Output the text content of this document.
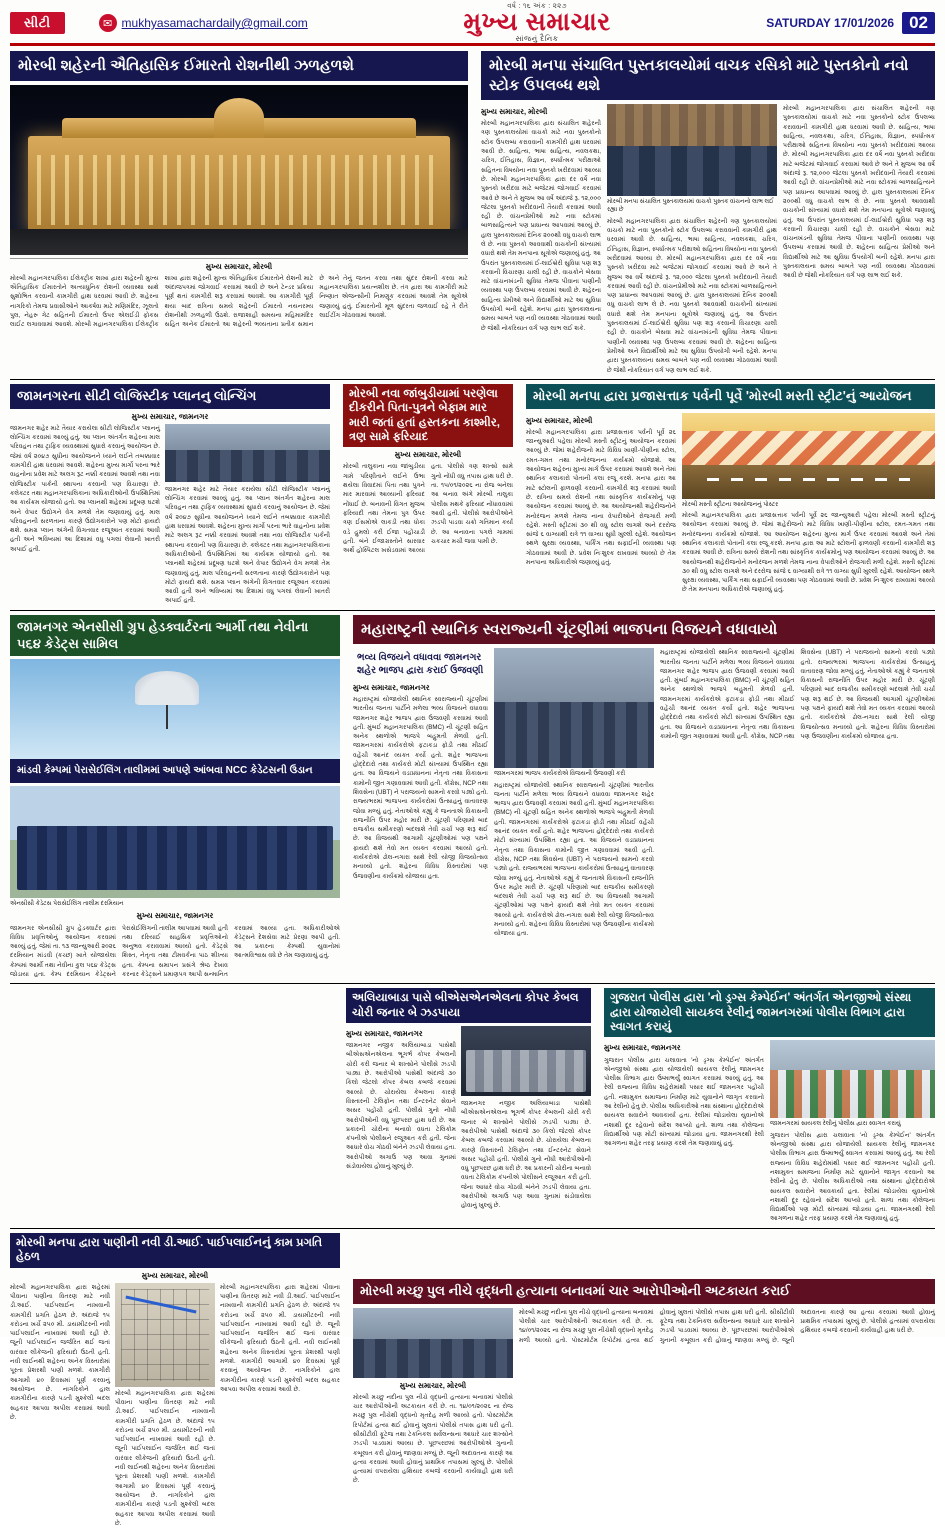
સીટી	✉ mukhyasamachardaily@gmail.com
વર્ષ : ૧૬ અંક : ૨૨૭
મુખ્ય સમાચાર
સાંજનું દૈનિક
SATURDAY 17/01/2026 02
મોરબી શહેરની ઐતિહાસિક ઈમારતો રોશનીથી ઝળહળશે
મુખ્ય સમાચાર, મોરબી
મોરબી મહાનગરપાલિકા ઈલેક્ટ્રીક શાખા દ્વારા શહેરની મુખ્ય ઐતિહાસિક ઈમારતોને અત્યાધુનિક રોશની વ્યવસ્થા સાથે સુશોભિત કરવાની કામગીરી હાથ ધરવામાં આવી છે. શહેરના નાગરિકો તેમજ પ્રવાસીઓને આકર્ષવા માટે મણિમંદિર, ઝૂલતો પુલ, નેહરુ ગેટ સહિતની ઈમારતો ઉપર એલઈડી ફોકસ લાઈટ લગાવવામાં આવશે. મોરબી મહાનગરપાલિકા ઈલેક્ટ્રીક શાખા દ્વારા શહેરની મુખ્ય ઐતિહાસિક ઈમારતોને રોશની માટે અંદાજપત્રમાં જોગવાઈ કરવામાં આવી છે અને ટેન્ડર પ્રક્રિયા પૂર્ણ થતાં કામગીરી શરૂ કરવામાં આવશે. આ કામગીરી પૂર્ણ થયા બાદ રાત્રિના સમયે શહેરની ઈમારતો નયનરમ્ય રોશનીથી ઝળહળી ઉઠશે. રાજાશાહી સમયના મહિમામંદિર સહિત અનેક ઈમારતો આ શહેરની ભવ્યતાના પ્રતીક સમાન છે અને તેનું જતન કરવા તથા સુંદર રોશની કરવા માટે મહાનગરપાલિકા પ્રયત્નશીલ છે. તંત્ર દ્વારા આ કામગીરી માટે નિષ્ણાત એજન્સીની નિમણૂક કરવામાં આવશે તેમ સૂત્રોએ જણાવ્યું હતું. ઈમારતોની મૂળ સુંદરતા જળવાઈ રહે તે રીતે લાઈટીંગ ગોઠવવામાં આવશે.
મોરબી મનપા સંચાલિત પુસ્તકાલયોમાં વાચક રસિકો માટે પુસ્તકોનો નવો સ્ટોક ઉપલબ્ધ થશે
મુખ્ય સમાચાર, મોરબી
મોરબી મહાનગરપાલિકા દ્વારા સંચાલિત શહેરની ત્રણ પુસ્તકાલયોમાં વાચકો માટે નવા પુસ્તકોનો સ્ટોક ઉપલબ્ધ કરાવવાની કામગીરી હાથ ધરવામાં આવી છે. સાહિત્ય, ભાષા સાહિત્ય, નવલકથા, ચરિત્ર, ઈતિહાસ, વિજ્ઞાન, સ્પર્ધાત્મક પરીક્ષાઓ સહિતના વિષયોના નવા પુસ્તકો ખરીદવામાં આવ્યા છે. મોરબી મહાનગરપાલિકા દ્વારા દર વર્ષે નવા પુસ્તકો ખરીદવા માટે બજેટમાં જોગવાઈ કરવામાં આવે છે અને તે મુજબ આ વર્ષે અંદાજે રૂ. ૧૨,૦૦૦ જેટલા પુસ્તકો ખરીદવાની તૈયારી કરવામાં આવી રહી છે. વાંચનપ્રેમીઓ માટે નવા સ્ટોકમાં બાળસાહિત્યને પણ પ્રાધાન્ય આપવામાં આવ્યું છે. હાલ પુસ્તકાલયમાં દૈનિક ૨૦૦થી વધુ વાચકો લાભ લે છે. નવા પુસ્તકો આવવાથી વાચકોની સંખ્યામાં વધારો થશે તેમ મનપાના સૂત્રોએ જણાવ્યું હતું. આ ઉપરાંત પુસ્તકાલયમાં ઈ-લાઈબ્રેરી સુવિધા પણ શરૂ કરવાની વિચારણા ચાલી રહી છે. વાચકોને બેસવા માટે વાંચનખંડની સુવિધા તેમજ પીવાના પાણીની વ્યવસ્થા પણ ઉપલબ્ધ કરવામાં આવી છે. શહેરના સાહિત્ય પ્રેમીઓ અને વિદ્યાર્થીઓ માટે આ સુવિધા ઉપયોગી બની રહેશે. મનપા દ્વારા પુસ્તકાલયના સમય બાબતે પણ નવી વ્યવસ્થા ગોઠવવામાં આવી છે જેથી નોકરિયાત વર્ગ પણ લાભ લઈ શકે.
મોરબી મનપા સંચાલિત પુસ્તકાલયમાં વાચકો પુસ્તક વાંચનનો લાભ લઈ રહ્યા છે
મોરબી મહાનગરપાલિકા દ્વારા સંચાલિત શહેરની ત્રણ પુસ્તકાલયોમાં વાચકો માટે નવા પુસ્તકોનો સ્ટોક ઉપલબ્ધ કરાવવાની કામગીરી હાથ ધરવામાં આવી છે. સાહિત્ય, ભાષા સાહિત્ય, નવલકથા, ચરિત્ર, ઈતિહાસ, વિજ્ઞાન, સ્પર્ધાત્મક પરીક્ષાઓ સહિતના વિષયોના નવા પુસ્તકો ખરીદવામાં આવ્યા છે. મોરબી મહાનગરપાલિકા દ્વારા દર વર્ષે નવા પુસ્તકો ખરીદવા માટે બજેટમાં જોગવાઈ કરવામાં આવે છે અને તે મુજબ આ વર્ષે અંદાજે રૂ. ૧૨,૦૦૦ જેટલા પુસ્તકો ખરીદવાની તૈયારી કરવામાં આવી રહી છે. વાંચનપ્રેમીઓ માટે નવા સ્ટોકમાં બાળસાહિત્યને પણ પ્રાધાન્ય આપવામાં આવ્યું છે. હાલ પુસ્તકાલયમાં દૈનિક ૨૦૦થી વધુ વાચકો લાભ લે છે. નવા પુસ્તકો આવવાથી વાચકોની સંખ્યામાં વધારો થશે તેમ મનપાના સૂત્રોએ જણાવ્યું હતું. આ ઉપરાંત પુસ્તકાલયમાં ઈ-લાઈબ્રેરી સુવિધા પણ શરૂ કરવાની વિચારણા ચાલી રહી છે. વાચકોને બેસવા માટે વાંચનખંડની સુવિધા તેમજ પીવાના પાણીની વ્યવસ્થા પણ ઉપલબ્ધ કરવામાં આવી છે. શહેરના સાહિત્ય પ્રેમીઓ અને વિદ્યાર્થીઓ માટે આ સુવિધા ઉપયોગી બની રહેશે. મનપા દ્વારા પુસ્તકાલયના સમય બાબતે પણ નવી વ્યવસ્થા ગોઠવવામાં આવી છે જેથી નોકરિયાત વર્ગ પણ લાભ લઈ શકે.
મોરબી મહાનગરપાલિકા દ્વારા સંચાલિત શહેરની ત્રણ પુસ્તકાલયોમાં વાચકો માટે નવા પુસ્તકોનો સ્ટોક ઉપલબ્ધ કરાવવાની કામગીરી હાથ ધરવામાં આવી છે. સાહિત્ય, ભાષા સાહિત્ય, નવલકથા, ચરિત્ર, ઈતિહાસ, વિજ્ઞાન, સ્પર્ધાત્મક પરીક્ષાઓ સહિતના વિષયોના નવા પુસ્તકો ખરીદવામાં આવ્યા છે. મોરબી મહાનગરપાલિકા દ્વારા દર વર્ષે નવા પુસ્તકો ખરીદવા માટે બજેટમાં જોગવાઈ કરવામાં આવે છે અને તે મુજબ આ વર્ષે અંદાજે રૂ. ૧૨,૦૦૦ જેટલા પુસ્તકો ખરીદવાની તૈયારી કરવામાં આવી રહી છે. વાંચનપ્રેમીઓ માટે નવા સ્ટોકમાં બાળસાહિત્યને પણ પ્રાધાન્ય આપવામાં આવ્યું છે. હાલ પુસ્તકાલયમાં દૈનિક ૨૦૦થી વધુ વાચકો લાભ લે છે. નવા પુસ્તકો આવવાથી વાચકોની સંખ્યામાં વધારો થશે તેમ મનપાના સૂત્રોએ જણાવ્યું હતું. આ ઉપરાંત પુસ્તકાલયમાં ઈ-લાઈબ્રેરી સુવિધા પણ શરૂ કરવાની વિચારણા ચાલી રહી છે. વાચકોને બેસવા માટે વાંચનખંડની સુવિધા તેમજ પીવાના પાણીની વ્યવસ્થા પણ ઉપલબ્ધ કરવામાં આવી છે. શહેરના સાહિત્ય પ્રેમીઓ અને વિદ્યાર્થીઓ માટે આ સુવિધા ઉપયોગી બની રહેશે. મનપા દ્વારા પુસ્તકાલયના સમય બાબતે પણ નવી વ્યવસ્થા ગોઠવવામાં આવી છે જેથી નોકરિયાત વર્ગ પણ લાભ લઈ શકે.
જામનગરના સીટી લોજિસ્ટીક પ્લાનનુ લોન્ચિંગ
મુખ્ય સમાચાર, જામનગર
જામનગર શહેર માટે તૈયાર કરાયેલા સીટી લોજિસ્ટીક પ્લાનનું લોન્ચિંગ કરવામાં આવ્યું હતું. આ પ્લાન અંતર્ગત શહેરના માલ પરિવહન તથા ટ્રાફિક વ્યવસ્થામાં સુધારો કરવાનું આયોજન છે. જેમાં વર્ષ ૨૦૪૭ સુધીના આયોજનને ધ્યાને લઈને તબક્કાવાર કામગીરી હાથ ધરવામાં આવશે. શહેરના મુખ્ય માર્ગો પરના ભારે વાહનોના પ્રવેશ માટે અલગ રૂટ નક્કી કરવામાં આવશે તથા નવા લોજિસ્ટીક પાર્કની સ્થાપના કરવાની પણ વિચારણા છે. કલેક્ટર તથા મહાનગરપાલિકાના અધિકારીઓની ઉપસ્થિતિમાં આ કાર્યક્રમ યોજાયો હતો. આ પ્લાનથી શહેરમાં પ્રદૂષણ ઘટશે અને વેપાર ઉદ્યોગને વેગ મળશે તેમ જણાવાયું હતું. માલ પરિવહનની સરળતાના કારણે ઉદ્યોગકારોને પણ મોટો ફાયદો થશે. સમગ્ર પ્લાન અંગેની વિગતવાર રજૂઆત કરવામાં આવી હતી અને ભવિષ્યમાં આ દિશામાં વધુ પગલાં લેવાની ખાતરી અપાઈ હતી.
જામનગર શહેર માટે તૈયાર કરાયેલા સીટી લોજિસ્ટીક પ્લાનનું લોન્ચિંગ કરવામાં આવ્યું હતું. આ પ્લાન અંતર્ગત શહેરના માલ પરિવહન તથા ટ્રાફિક વ્યવસ્થામાં સુધારો કરવાનું આયોજન છે. જેમાં વર્ષ ૨૦૪૭ સુધીના આયોજનને ધ્યાને લઈને તબક્કાવાર કામગીરી હાથ ધરવામાં આવશે. શહેરના મુખ્ય માર્ગો પરના ભારે વાહનોના પ્રવેશ માટે અલગ રૂટ નક્કી કરવામાં આવશે તથા નવા લોજિસ્ટીક પાર્કની સ્થાપના કરવાની પણ વિચારણા છે. કલેક્ટર તથા મહાનગરપાલિકાના અધિકારીઓની ઉપસ્થિતિમાં આ કાર્યક્રમ યોજાયો હતો. આ પ્લાનથી શહેરમાં પ્રદૂષણ ઘટશે અને વેપાર ઉદ્યોગને વેગ મળશે તેમ જણાવાયું હતું. માલ પરિવહનની સરળતાના કારણે ઉદ્યોગકારોને પણ મોટો ફાયદો થશે. સમગ્ર પ્લાન અંગેની વિગતવાર રજૂઆત કરવામાં આવી હતી અને ભવિષ્યમાં આ દિશામાં વધુ પગલાં લેવાની ખાતરી અપાઈ હતી.
મોરબી નવા જાંબુડીયામાં પરણેલા દીકરીને પિતા-પુત્રને બેફામ માર મારી જતાં હતાં હસ્તકના કાશ્મીર, ત્રણ સામે ફરિયાદ
મુખ્ય સમાચાર, મોરબી
મોરબી તાલુકાના નવા જાંબુડીયા ગામે પરિણીતાને લઈને ઉભા થયેલા વિવાદમાં પિતા તથા પુત્રને માર મારવામાં આવ્યાની ફરિયાદ નોંધાઈ છે. બનાવની વિગત મુજબ ફરિયાદી તથા તેમના પુત્ર ઉપર ત્રણ ઈસમોએ લાકડી તથા ધોકા વડે હુમલો કરી ઈજા પહોંચાડી હતી. બંને ઈજાગ્રસ્તોને સારવાર અર્થે હોસ્પિટલ ખસેડવામાં આવ્યા હતા. પોલીસે ત્રણ શખ્સો સામે ગુનો નોંધી વધુ તપાસ હાથ ધરી છે. તા. ૧૫/૦૧/૨૦૨૬ ના રોજ બનેલા આ બનાવ અંગે મોરબી તાલુકા પોલીસ મથકે ફરિયાદ નોંધાવવામાં આવી હતી. પોલીસે આરોપીઓને ઝડપી પાડવા ચક્રો ગતિમાન કર્યા છે. આ બનાવના પગલે ગામમાં ચકચાર મચી જવા પામી છે.
મોરબી મનપા દ્વારા પ્રજાસત્તાક પર્વની પૂર્વે 'મોરબી મસ્તી સ્ટ્રીટ'નું આયોજન
મુખ્ય સમાચાર, મોરબી
મોરબી મહાનગરપાલિકા દ્વારા પ્રજાસત્તાક પર્વની પૂર્વે ૨૬ જાન્યુઆરી પહેલા મોરબી મસ્તી સ્ટ્રીટનું આયોજન કરવામાં આવ્યું છે. જેમાં શહેરીજનો માટે વિવિધ ખાણી-પીણીના સ્ટોલ, રમત-ગમત તથા મનોરંજનના કાર્યક્રમો યોજાશે. આ આયોજન શહેરના મુખ્ય માર્ગ ઉપર કરવામાં આવશે અને તેમાં સ્થાનિક કલાકારો પોતાની કલા રજૂ કરશે. મનપા દ્વારા આ માટે સ્ટોલની ફાળવણી કરવાની કામગીરી શરૂ કરવામાં આવી છે. રાત્રિના સમયે રોશની તથા સાંસ્કૃતિક કાર્યક્રમોનું પણ આયોજન કરવામાં આવ્યું છે. આ આયોજનથી શહેરીજનોને મનોરંજન મળશે તેમજ નાના વેપારીઓને રોજગારી મળી રહેશે. મસ્તી સ્ટ્રીટમાં ૩૦ થી વધુ સ્ટોલ લાગશે અને દરરોજ સાંજે ૬ વાગ્યાથી રાત્રે ૧૧ વાગ્યા સુધી ખુલ્લી રહેશે. આયોજન સ્થળે સુરક્ષા વ્યવસ્થા, પાર્કિંગ તથા સફાઈની વ્યવસ્થા પણ ગોઠવવામાં આવી છે. પ્રવેશ નિઃશુલ્ક રાખવામાં આવ્યો છે તેમ મનપાના અધિકારીએ જણાવ્યું હતું.
મોરબી મસ્તી સ્ટ્રીટના આયોજનનું પોસ્ટર
મોરબી મહાનગરપાલિકા દ્વારા પ્રજાસત્તાક પર્વની પૂર્વે ૨૬ જાન્યુઆરી પહેલા મોરબી મસ્તી સ્ટ્રીટનું આયોજન કરવામાં આવ્યું છે. જેમાં શહેરીજનો માટે વિવિધ ખાણી-પીણીના સ્ટોલ, રમત-ગમત તથા મનોરંજનના કાર્યક્રમો યોજાશે. આ આયોજન શહેરના મુખ્ય માર્ગ ઉપર કરવામાં આવશે અને તેમાં સ્થાનિક કલાકારો પોતાની કલા રજૂ કરશે. મનપા દ્વારા આ માટે સ્ટોલની ફાળવણી કરવાની કામગીરી શરૂ કરવામાં આવી છે. રાત્રિના સમયે રોશની તથા સાંસ્કૃતિક કાર્યક્રમોનું પણ આયોજન કરવામાં આવ્યું છે. આ આયોજનથી શહેરીજનોને મનોરંજન મળશે તેમજ નાના વેપારીઓને રોજગારી મળી રહેશે. મસ્તી સ્ટ્રીટમાં ૩૦ થી વધુ સ્ટોલ લાગશે અને દરરોજ સાંજે ૬ વાગ્યાથી રાત્રે ૧૧ વાગ્યા સુધી ખુલ્લી રહેશે. આયોજન સ્થળે સુરક્ષા વ્યવસ્થા, પાર્કિંગ તથા સફાઈની વ્યવસ્થા પણ ગોઠવવામાં આવી છે. પ્રવેશ નિઃશુલ્ક રાખવામાં આવ્યો છે તેમ મનપાના અધિકારીએ જણાવ્યું હતું.
જામનગર એનસીસી ગ્રુપ હેડક્વાર્ટરના આર્મી તથા નેવીના ૫૬૪ કેડેટ્સ સામિલ
માંડવી કેમ્પમાં પેરાસેઈલિંગ તાલીમમાં આપણે આંબવા NCC કેડેટસની ઉડાન
એનસીસી કેડેટસ પેરાસેઈલિંગ તાલીમ દરમિયાન
મુખ્ય સમાચાર, જામનગર
જામનગર એનસીસી ગ્રુપ હેડક્વાર્ટર દ્વારા વિવિધ પ્રવૃત્તિઓનું આયોજન કરવામાં આવ્યું હતું. જેમાં તા. ૧૩ જાન્યુઆરી ૨૦૨૬ દરમિયાન માંડવી (કચ્છ) ખાતે યોજાયેલા કેમ્પમાં આર્મી તથા નેવીના કુલ ૫૬૪ કેડેટ્સ જોડાયા હતા. કેમ્પ દરમિયાન કેડેટ્સને પેરાસેઈલિંગની તાલીમ આપવામાં આવી હતી તથા દરિયાઈ સાહસિક પ્રવૃત્તિઓનો અનુભવ કરાવવામાં આવ્યો હતો. કેડેટ્સે શિસ્ત, નેતૃત્વ તથા ટીમવર્કના પાઠ શીખ્યા હતા. કેમ્પના સમાપન પ્રસંગે શ્રેષ્ઠ દેખાવ કરનાર કેડેટ્સને પ્રમાણપત્ર આપી સન્માનિત કરવામાં આવ્યા હતા. અધિકારીઓએ કેડેટ્સને દેશસેવા માટે પ્રેરણા આપી હતી. આ પ્રકારના કેમ્પથી યુવાનોમાં આત્મવિશ્વાસ વધે છે તેમ જણાવાયું હતું.
મહારાષ્ટ્રની સ્થાનિક સ્વરાજ્યની ચૂંટણીમાં ભાજપના વિજયને વધાવાયો
ભવ્ય વિજયને વધાવવા જામનગર શહેર ભાજપ દ્વારા કરાઈ ઉજવણી
મુખ્ય સમાચાર, જામનગર
મહારાષ્ટ્રમાં યોજાયેલી સ્થાનિક સ્વરાજ્યની ચૂંટણીમાં ભારતીય જનતા પાર્ટીને મળેલા ભવ્ય વિજયને વધાવવા જામનગર શહેર ભાજપ દ્વારા ઉજવણી કરવામાં આવી હતી. મુંબઈ મહાનગરપાલિકા (BMC) ની ચૂંટણી સહિત અનેક સ્થળોએ ભાજપે બહુમતી મેળવી હતી. જામનગરમાં કાર્યકરોએ ફટાકડા ફોડી તથા મીઠાઈ વહેંચી આનંદ વ્યક્ત કર્યો હતો. શહેર ભાજપના હોદ્દેદારો તથા કાર્યકરો મોટી સંખ્યામાં ઉપસ્થિત રહ્યા હતા. આ વિજયને વડાપ્રધાનના નેતૃત્વ તથા વિકાસના કામોની જીત ગણાવવામાં આવી હતી. કોંગ્રેસ, NCP તથા શિવસેના (UBT) ને પરાજયનો સામનો કરવો પડ્યો હતો. રાજ્યભરમાં ભાજપના કાર્યકરોમાં ઉત્સાહનું વાતાવરણ જોવા મળ્યું હતું. નેતાઓએ કહ્યું કે જનતાએ વિકાસની રાજનીતિ ઉપર મહોર મારી છે. ચૂંટણી પરિણામો બાદ રાજકીય સમીકરણો બદલાશે તેવી ચર્ચા પણ શરૂ થઈ છે. આ વિજયથી આગામી ચૂંટણીઓમાં પણ પક્ષને ફાયદો થશે તેવો મત વ્યક્ત કરવામાં આવ્યો હતો. કાર્યકરોએ ઢોલ-નગારા સાથે રેલી યોજી વિજયોત્સવ મનાવ્યો હતો. શહેરના વિવિધ વિસ્તારોમાં પણ ઉજવણીના કાર્યક્રમો યોજાયા હતા.
જામનગરમાં ભાજપ કાર્યકરોએ વિજયની ઉજવણી કરી
મહારાષ્ટ્રમાં યોજાયેલી સ્થાનિક સ્વરાજ્યની ચૂંટણીમાં ભારતીય જનતા પાર્ટીને મળેલા ભવ્ય વિજયને વધાવવા જામનગર શહેર ભાજપ દ્વારા ઉજવણી કરવામાં આવી હતી. મુંબઈ મહાનગરપાલિકા (BMC) ની ચૂંટણી સહિત અનેક સ્થળોએ ભાજપે બહુમતી મેળવી હતી. જામનગરમાં કાર્યકરોએ ફટાકડા ફોડી તથા મીઠાઈ વહેંચી આનંદ વ્યક્ત કર્યો હતો. શહેર ભાજપના હોદ્દેદારો તથા કાર્યકરો મોટી સંખ્યામાં ઉપસ્થિત રહ્યા હતા. આ વિજયને વડાપ્રધાનના નેતૃત્વ તથા વિકાસના કામોની જીત ગણાવવામાં આવી હતી. કોંગ્રેસ, NCP તથા શિવસેના (UBT) ને પરાજયનો સામનો કરવો પડ્યો હતો. રાજ્યભરમાં ભાજપના કાર્યકરોમાં ઉત્સાહનું વાતાવરણ જોવા મળ્યું હતું. નેતાઓએ કહ્યું કે જનતાએ વિકાસની રાજનીતિ ઉપર મહોર મારી છે. ચૂંટણી પરિણામો બાદ રાજકીય સમીકરણો બદલાશે તેવી ચર્ચા પણ શરૂ થઈ છે. આ વિજયથી આગામી ચૂંટણીઓમાં પણ પક્ષને ફાયદો થશે તેવો મત વ્યક્ત કરવામાં આવ્યો હતો. કાર્યકરોએ ઢોલ-નગારા સાથે રેલી યોજી વિજયોત્સવ મનાવ્યો હતો. શહેરના વિવિધ વિસ્તારોમાં પણ ઉજવણીના કાર્યક્રમો યોજાયા હતા.
મહારાષ્ટ્રમાં યોજાયેલી સ્થાનિક સ્વરાજ્યની ચૂંટણીમાં ભારતીય જનતા પાર્ટીને મળેલા ભવ્ય વિજયને વધાવવા જામનગર શહેર ભાજપ દ્વારા ઉજવણી કરવામાં આવી હતી. મુંબઈ મહાનગરપાલિકા (BMC) ની ચૂંટણી સહિત અનેક સ્થળોએ ભાજપે બહુમતી મેળવી હતી. જામનગરમાં કાર્યકરોએ ફટાકડા ફોડી તથા મીઠાઈ વહેંચી આનંદ વ્યક્ત કર્યો હતો. શહેર ભાજપના હોદ્દેદારો તથા કાર્યકરો મોટી સંખ્યામાં ઉપસ્થિત રહ્યા હતા. આ વિજયને વડાપ્રધાનના નેતૃત્વ તથા વિકાસના કામોની જીત ગણાવવામાં આવી હતી. કોંગ્રેસ, NCP તથા શિવસેના (UBT) ને પરાજયનો સામનો કરવો પડ્યો હતો. રાજ્યભરમાં ભાજપના કાર્યકરોમાં ઉત્સાહનું વાતાવરણ જોવા મળ્યું હતું. નેતાઓએ કહ્યું કે જનતાએ વિકાસની રાજનીતિ ઉપર મહોર મારી છે. ચૂંટણી પરિણામો બાદ રાજકીય સમીકરણો બદલાશે તેવી ચર્ચા પણ શરૂ થઈ છે. આ વિજયથી આગામી ચૂંટણીઓમાં પણ પક્ષને ફાયદો થશે તેવો મત વ્યક્ત કરવામાં આવ્યો હતો. કાર્યકરોએ ઢોલ-નગારા સાથે રેલી યોજી વિજયોત્સવ મનાવ્યો હતો. શહેરના વિવિધ વિસ્તારોમાં પણ ઉજવણીના કાર્યક્રમો યોજાયા હતા.
અલિયાબાડા પાસે બીએસએનએલના કોપર કેબલ ચોરી જનાર બે ઝડપાયા
મુખ્ય સમાચાર, જામનગર
જામનગર નજીક અલિયાબાડા પાસેથી બીએસએનએલના ભૂગર્ભ કોપર કેબલની ચોરી કરી જનાર બે શખ્સોને પોલીસે ઝડપી પાડ્યા છે. આરોપીઓ પાસેથી અંદાજે ૩૦ કિલો જેટલો કોપર કેબલ કબજે કરવામાં આવ્યો છે. ચોરાયેલા કેબલના કારણે વિસ્તારની ટેલિફોન તથા ઈન્ટરનેટ સેવાને અસર પહોંચી હતી. પોલીસે ગુનો નોંધી આરોપીઓની વધુ પૂછપરછ હાથ ધરી છે. આ પ્રકારની ચોરીના બનાવો વધતા ટેલિકોમ કંપનીએ પોલીસને રજૂઆત કરી હતી. જેના આધારે વોચ ગોઠવી બંનેને ઝડપી લેવાયા હતા. આરોપીઓ અગાઉ પણ આવા ગુનામાં સંડોવાયેલા હોવાનું ખુલ્યું છે.
જામનગર નજીક અલિયાબાડા પાસેથી બીએસએનએલના ભૂગર્ભ કોપર કેબલની ચોરી કરી જનાર બે શખ્સોને પોલીસે ઝડપી પાડ્યા છે. આરોપીઓ પાસેથી અંદાજે ૩૦ કિલો જેટલો કોપર કેબલ કબજે કરવામાં આવ્યો છે. ચોરાયેલા કેબલના કારણે વિસ્તારની ટેલિફોન તથા ઈન્ટરનેટ સેવાને અસર પહોંચી હતી. પોલીસે ગુનો નોંધી આરોપીઓની વધુ પૂછપરછ હાથ ધરી છે. આ પ્રકારની ચોરીના બનાવો વધતા ટેલિકોમ કંપનીએ પોલીસને રજૂઆત કરી હતી. જેના આધારે વોચ ગોઠવી બંનેને ઝડપી લેવાયા હતા. આરોપીઓ અગાઉ પણ આવા ગુનામાં સંડોવાયેલા હોવાનું ખુલ્યું છે.
ગુજરાત પોલીસ દ્વારા 'નો ડ્રગ્સ કેમ્પેઈન' અંતર્ગત એનજીઓ સંસ્થા દ્વારા યોજાયેલી સાયકલ રેલીનું જામનગરમાં પોલીસ વિભાગ દ્વારા સ્વાગત કરાયું
મુખ્ય સમાચાર, જામનગર
ગુજરાત પોલીસ દ્વારા ચલાવાતા 'નો ડ્રગ્સ કેમ્પેઈન' અંતર્ગત એનજીઓ સંસ્થા દ્વારા યોજાયેલી સાયકલ રેલીનું જામનગર પોલીસ વિભાગ દ્વારા ઉષ્માભર્યું સ્વાગત કરવામાં આવ્યું હતું. આ રેલી રાજ્યના વિવિધ શહેરોમાંથી પસાર થઈ જામનગર પહોંચી હતી. નશામુક્ત સમાજના નિર્માણ માટે યુવાનોને જાગૃત કરવાનો આ રેલીનો હેતુ છે. પોલીસ અધિકારીઓ તથા સંસ્થાના હોદ્દેદારોએ સાયકલ સવારોને આવકાર્યા હતા. રેલીમાં જોડાયેલા યુવાનોએ નશાથી દૂર રહેવાનો સંદેશ આપ્યો હતો. શાળા તથા કોલેજના વિદ્યાર્થીઓ પણ મોટી સંખ્યામાં જોડાયા હતા. જામનગરથી રેલી આગળના શહેર તરફ પ્રયાણ કરશે તેમ જણાવાયું હતું.
જામનગરમાં સાયકલ રેલીનું પોલીસ દ્વારા સ્વાગત કરાયું
ગુજરાત પોલીસ દ્વારા ચલાવાતા 'નો ડ્રગ્સ કેમ્પેઈન' અંતર્ગત એનજીઓ સંસ્થા દ્વારા યોજાયેલી સાયકલ રેલીનું જામનગર પોલીસ વિભાગ દ્વારા ઉષ્માભર્યું સ્વાગત કરવામાં આવ્યું હતું. આ રેલી રાજ્યના વિવિધ શહેરોમાંથી પસાર થઈ જામનગર પહોંચી હતી. નશામુક્ત સમાજના નિર્માણ માટે યુવાનોને જાગૃત કરવાનો આ રેલીનો હેતુ છે. પોલીસ અધિકારીઓ તથા સંસ્થાના હોદ્દેદારોએ સાયકલ સવારોને આવકાર્યા હતા. રેલીમાં જોડાયેલા યુવાનોએ નશાથી દૂર રહેવાનો સંદેશ આપ્યો હતો. શાળા તથા કોલેજના વિદ્યાર્થીઓ પણ મોટી સંખ્યામાં જોડાયા હતા. જામનગરથી રેલી આગળના શહેર તરફ પ્રયાણ કરશે તેમ જણાવાયું હતું.
મોરબી મનપા દ્વારા પાણીની નવી ડી.આઈ. પાઈપલાઈનનું કામ પ્રગતિ હેઠળ
મુખ્ય સમાચાર, મોરબી
મોરબી મહાનગરપાલિકા દ્વારા શહેરમાં પીવાના પાણીના વિતરણ માટે નવી ડી.આઈ. પાઈપલાઈન નાખવાની કામગીરી પ્રગતિ હેઠળ છે. અંદાજે ૧૫ કરોડના ખર્ચે ૨૫૦ મી. ડાયામીટરની નવી પાઈપલાઈન નાખવામાં આવી રહી છે. જૂની પાઈપલાઈન જર્જરિત થઈ જતાં વારંવાર લીકેજની ફરિયાદો ઉઠતી હતી. નવી લાઈનથી શહેરના અનેક વિસ્તારોમાં પૂરતા પ્રેશરથી પાણી મળશે. કામગીરી આગામી ૪૦ દિવસમાં પૂર્ણ કરવાનું આયોજન છે. નાગરિકોને હાલ કામગીરીના કારણે પડતી મુશ્કેલી બદલ સહકાર આપવા અપીલ કરવામાં આવી છે.
મોરબી મહાનગરપાલિકા દ્વારા શહેરમાં પીવાના પાણીના વિતરણ માટે નવી ડી.આઈ. પાઈપલાઈન નાખવાની કામગીરી પ્રગતિ હેઠળ છે. અંદાજે ૧૫ કરોડના ખર્ચે ૨૫૦ મી. ડાયામીટરની નવી પાઈપલાઈન નાખવામાં આવી રહી છે. જૂની પાઈપલાઈન જર્જરિત થઈ જતાં વારંવાર લીકેજની ફરિયાદો ઉઠતી હતી. નવી લાઈનથી શહેરના અનેક વિસ્તારોમાં પૂરતા પ્રેશરથી પાણી મળશે. કામગીરી આગામી ૪૦ દિવસમાં પૂર્ણ કરવાનું આયોજન છે. નાગરિકોને હાલ કામગીરીના કારણે પડતી મુશ્કેલી બદલ સહકાર આપવા અપીલ કરવામાં આવી છે.
મોરબી મહાનગરપાલિકા દ્વારા શહેરમાં પીવાના પાણીના વિતરણ માટે નવી ડી.આઈ. પાઈપલાઈન નાખવાની કામગીરી પ્રગતિ હેઠળ છે. અંદાજે ૧૫ કરોડના ખર્ચે ૨૫૦ મી. ડાયામીટરની નવી પાઈપલાઈન નાખવામાં આવી રહી છે. જૂની પાઈપલાઈન જર્જરિત થઈ જતાં વારંવાર લીકેજની ફરિયાદો ઉઠતી હતી. નવી લાઈનથી શહેરના અનેક વિસ્તારોમાં પૂરતા પ્રેશરથી પાણી મળશે. કામગીરી આગામી ૪૦ દિવસમાં પૂર્ણ કરવાનું આયોજન છે. નાગરિકોને હાલ કામગીરીના કારણે પડતી મુશ્કેલી બદલ સહકાર આપવા અપીલ કરવામાં આવી છે.
મોરબી મચ્છુ પુલ નીચે વૃદ્ધની હત્યાના બનાવમાં ચાર આરોપીઓની અટકાયત કરાઈ
મુખ્ય સમાચાર, મોરબી
મોરબી મચ્છુ નદીના પુલ નીચે વૃદ્ધની હત્યાના બનાવમાં પોલીસે ચાર આરોપીઓની અટકાયત કરી છે. તા. ૧૪/૦૧/૨૦૨૬ ના રોજ મચ્છુ પુલ નીચેથી વૃદ્ધનો મૃતદેહ મળી આવ્યો હતો. પોસ્ટમોર્ટમ રિપોર્ટમાં હત્યા થઈ હોવાનું ખુલતાં પોલીસે તપાસ હાથ ધરી હતી. સીસીટીવી ફૂટેજ તથા ટેકનિકલ સર્વેલન્સના આધારે ચાર શખ્સોને ઝડપી પાડવામાં આવ્યા છે. પૂછપરછમાં આરોપીઓએ ગુનાની કબૂલાત કરી હોવાનું જાણવા મળ્યું છે. જૂની અદાવતના કારણે આ હત્યા કરવામાં આવી હોવાનું પ્રાથમિક તપાસમાં ખુલ્યું છે. પોલીસે હત્યામાં વપરાયેલા હથિયાર કબજે કરવાની કાર્યવાહી હાથ ધરી છે.
મોરબી મચ્છુ નદીના પુલ નીચે વૃદ્ધની હત્યાના બનાવમાં પોલીસે ચાર આરોપીઓની અટકાયત કરી છે. તા. ૧૪/૦૧/૨૦૨૬ ના રોજ મચ્છુ પુલ નીચેથી વૃદ્ધનો મૃતદેહ મળી આવ્યો હતો. પોસ્ટમોર્ટમ રિપોર્ટમાં હત્યા થઈ હોવાનું ખુલતાં પોલીસે તપાસ હાથ ધરી હતી. સીસીટીવી ફૂટેજ તથા ટેકનિકલ સર્વેલન્સના આધારે ચાર શખ્સોને ઝડપી પાડવામાં આવ્યા છે. પૂછપરછમાં આરોપીઓએ ગુનાની કબૂલાત કરી હોવાનું જાણવા મળ્યું છે. જૂની અદાવતના કારણે આ હત્યા કરવામાં આવી હોવાનું પ્રાથમિક તપાસમાં ખુલ્યું છે. પોલીસે હત્યામાં વપરાયેલા હથિયાર કબજે કરવાની કાર્યવાહી હાથ ધરી છે.
